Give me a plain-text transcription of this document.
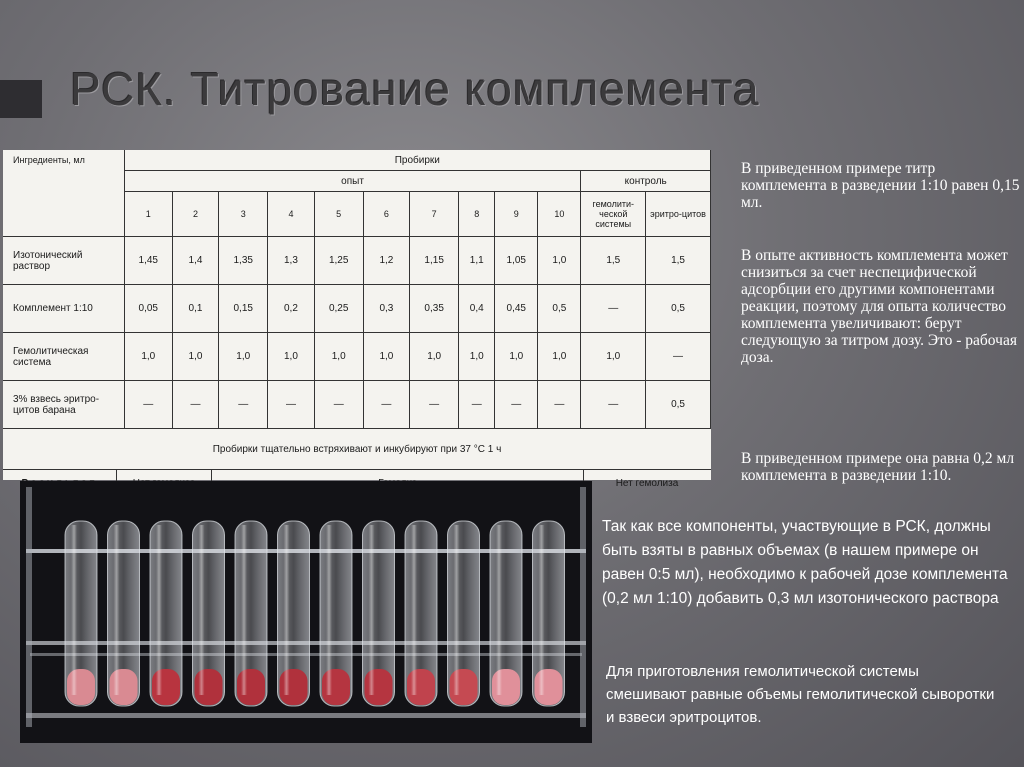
РСК. Титрование комплемента
Ингредиенты, мл	Пробирки											
	опыт										контроль	
	1	2	3	4	5	6	7	8	9	10	гемолити-ческой системы	эритро-цитов
Изотонический раствор	1,45	1,4	1,35	1,3	1,25	1,2	1,15	1,1	1,05	1,0	1,5	1,5
Комплемент 1:10	0,05	0,1	0,15	0,2	0,25	0,3	0,35	0,4	0,45	0,5	—	0,5
Гемолитическая система	1,0	1,0	1,0	1,0	1,0	1,0	1,0	1,0	1,0	1,0	1,0	—
3% взвесь эритро-цитов барана	—	—	—	—	—	—	—	—	—	—	—	0,5
Пробирки тщательно встряхивают и инкубируют при 37 °С 1 ч
Нет гемолиза
В приведенном примере титр комплемента в разведении 1:10 равен 0,15 мл.
В опыте активность комплемента может снизиться за счет неспецифической адсорбции его другими компонентами реакции, поэтому для опыта количество комплемента увеличивают: берут следующую за титром дозу. Это - рабочая доза.
В приведенном примере она равна 0,2 мл комплемента в разведении 1:10.
Так как все компоненты, участвующие в РСК, должны быть взяты в равных объемах (в нашем примере он равен 0:5 мл), необходимо к рабочей дозе комплемента (0,2 мл 1:10) добавить 0,3 мл изотонического раствора
Для приготовления гемолитической системы смешивают равные объемы гемолитической сыворотки и взвеси эритроцитов.
